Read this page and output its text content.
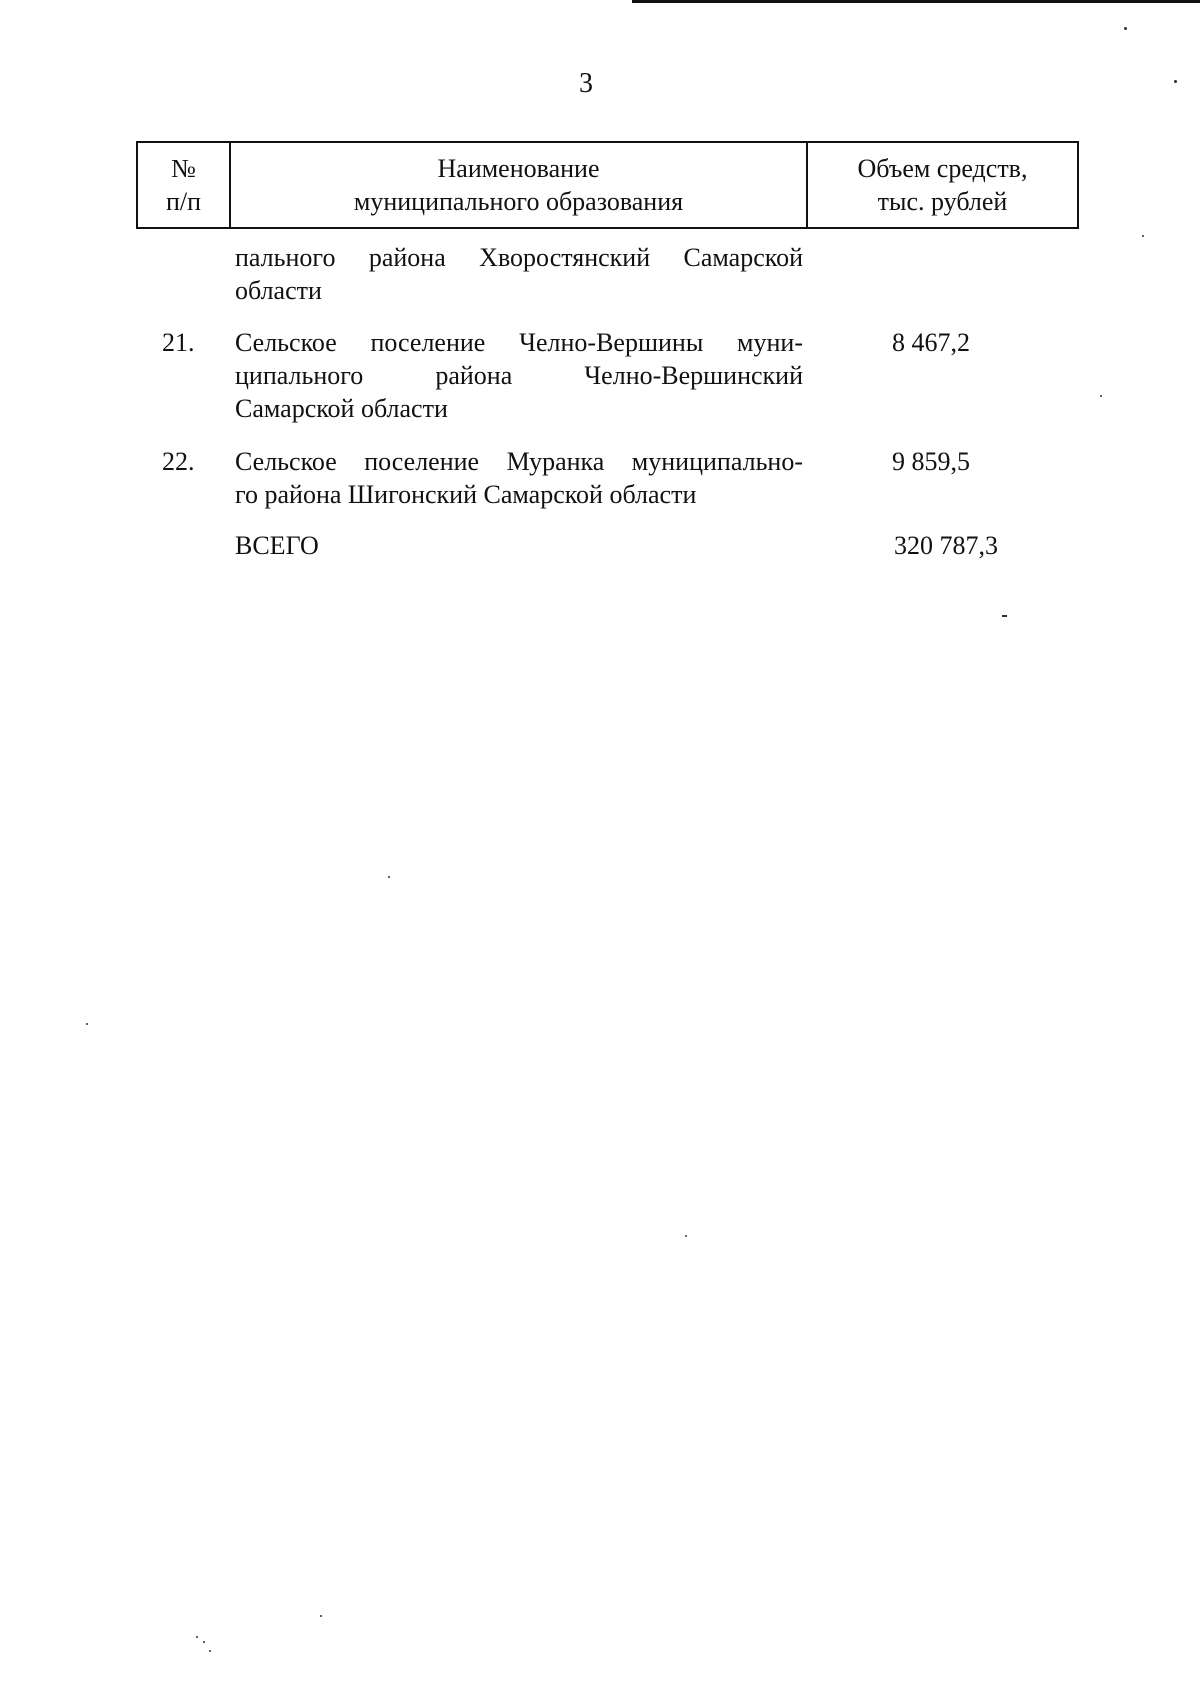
3
№
п/п
Наименование
муниципального образования
Объем средств,
тыс. рублей
пального района Хворостянский Самарской
области
21. Сельское поселение Челно-Вершины муни-
ципального района Челно-Вершинский
Самарской области
8 467,2
22. Сельское поселение Муранка муниципально-
го района Шигонский Самарской области
9 859,5
ВСЕГО	320 787,3
